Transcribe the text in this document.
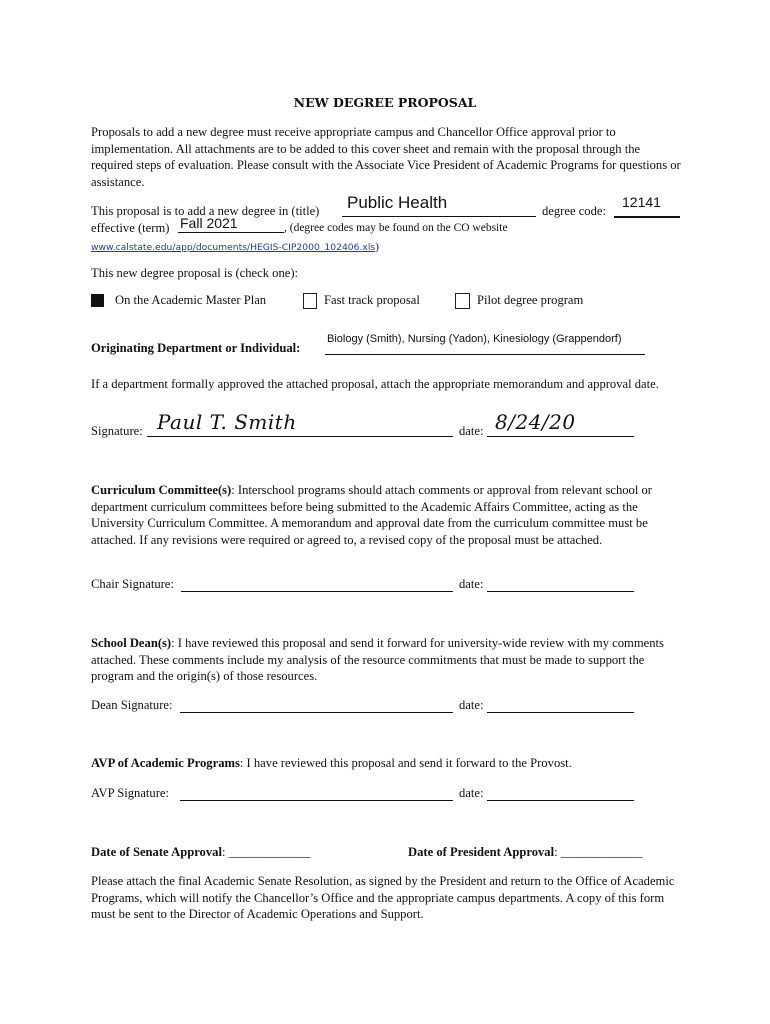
NEW DEGREE PROPOSAL
Proposals to add a new degree must receive appropriate campus and Chancellor Office approval prior to implementation. All attachments are to be added to this cover sheet and remain with the proposal through the required steps of evaluation. Please consult with the Associate Vice President of Academic Programs for questions or assistance.
This proposal is to add a new degree in (title) Public Health	degree code:
12141
effective (term) Fall 2021	, (degree codes may be found on the CO website
www.calstate.edu/app/documents/HEGIS-CIP2000_102406.xls)
This new degree proposal is (check one):
On the Academic Master Plan	Fast track proposal	Pilot degree program
Originating Department or Individual:
Biology (Smith), Nursing (Yadon), Kinesiology (Grappendorf)
If a department formally approved the attached proposal, attach the appropriate memorandum and approval date.
Signature: Paul T. Smith	date: 8/24/20
Curriculum Committee(s): Interschool programs should attach comments or approval from relevant school or department curriculum committees before being submitted to the Academic Affairs Committee, acting as the University Curriculum Committee. A memorandum and approval date from the curriculum committee must be attached. If any revisions were required or agreed to, a revised copy of the proposal must be attached.
Chair Signature:	date:
School Dean(s): I have reviewed this proposal and send it forward for university-wide review with my comments attached. These comments include my analysis of the resource commitments that must be made to support the program and the origin(s) of those resources.
Dean Signature:	date:
AVP of Academic Programs: I have reviewed this proposal and send it forward to the Provost.
AVP Signature:	date:
Date of Senate Approval: _____________	Date of President Approval: _____________
Please attach the final Academic Senate Resolution, as signed by the President and return to the Office of Academic Programs, which will notify the Chancellor’s Office and the appropriate campus departments. A copy of this form must be sent to the Director of Academic Operations and Support.
